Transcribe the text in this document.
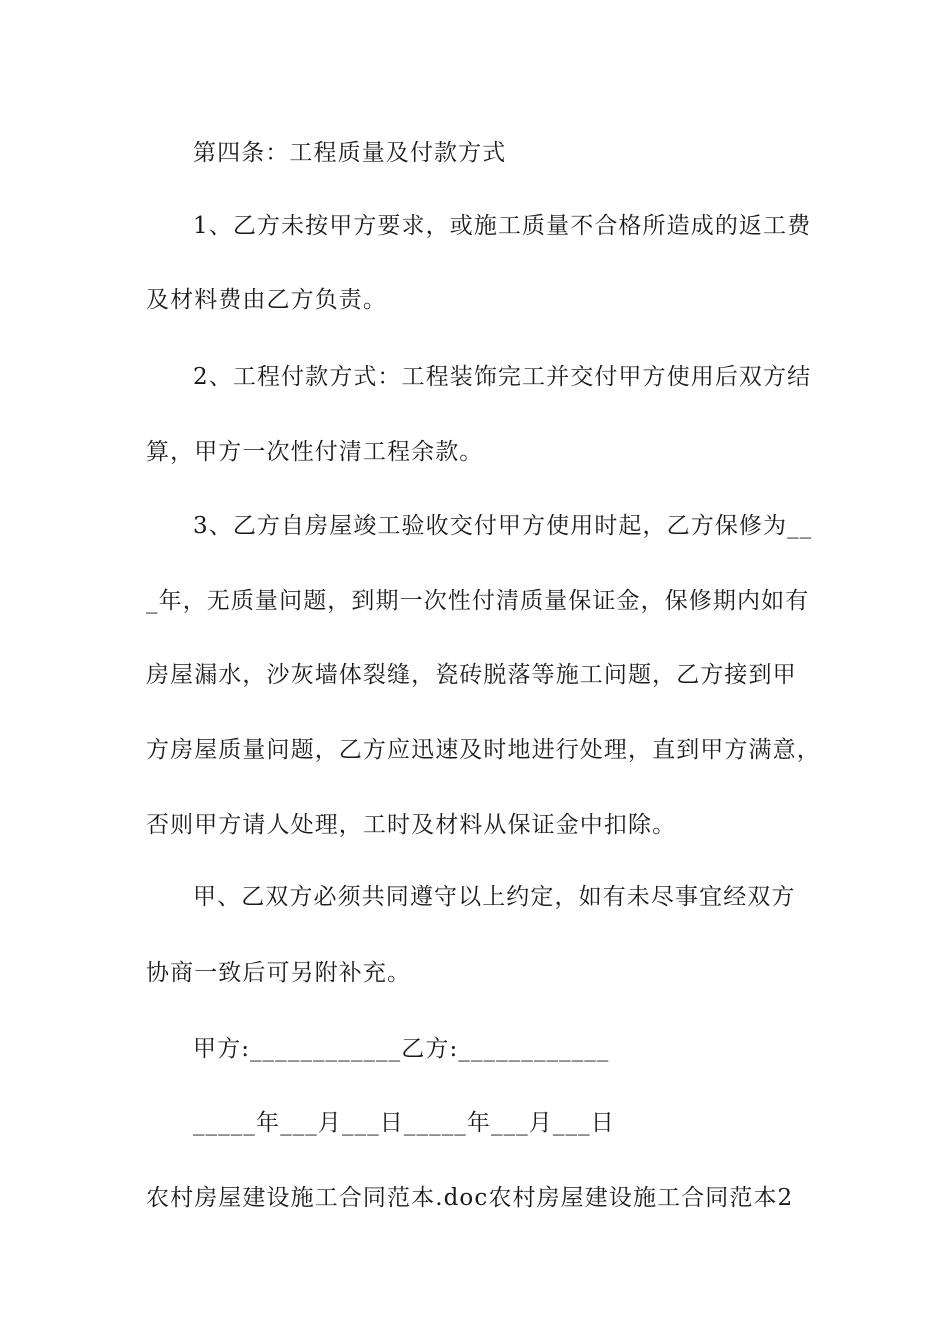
第四条：工程质量及付款方式
1、乙方未按甲方要求，或施工质量不合格所造成的返工费
及材料费由乙方负责。
2、工程付款方式：工程装饰完工并交付甲方使用后双方结
算，甲方一次性付清工程余款。
3、乙方自房屋竣工验收交付甲方使用时起，乙方保修为__
_年，无质量问题，到期一次性付清质量保证金，保修期内如有
房屋漏水，沙灰墙体裂缝，瓷砖脱落等施工问题，乙方接到甲
方房屋质量问题，乙方应迅速及时地进行处理，直到甲方满意，
否则甲方请人处理，工时及材料从保证金中扣除。
甲、乙双方必须共同遵守以上约定，如有未尽事宜经双方
协商一致后可另附补充。
甲方:____________乙方:____________
_____年___月___日_____年___月___日
农村房屋建设施工合同范本.doc农村房屋建设施工合同范本2
